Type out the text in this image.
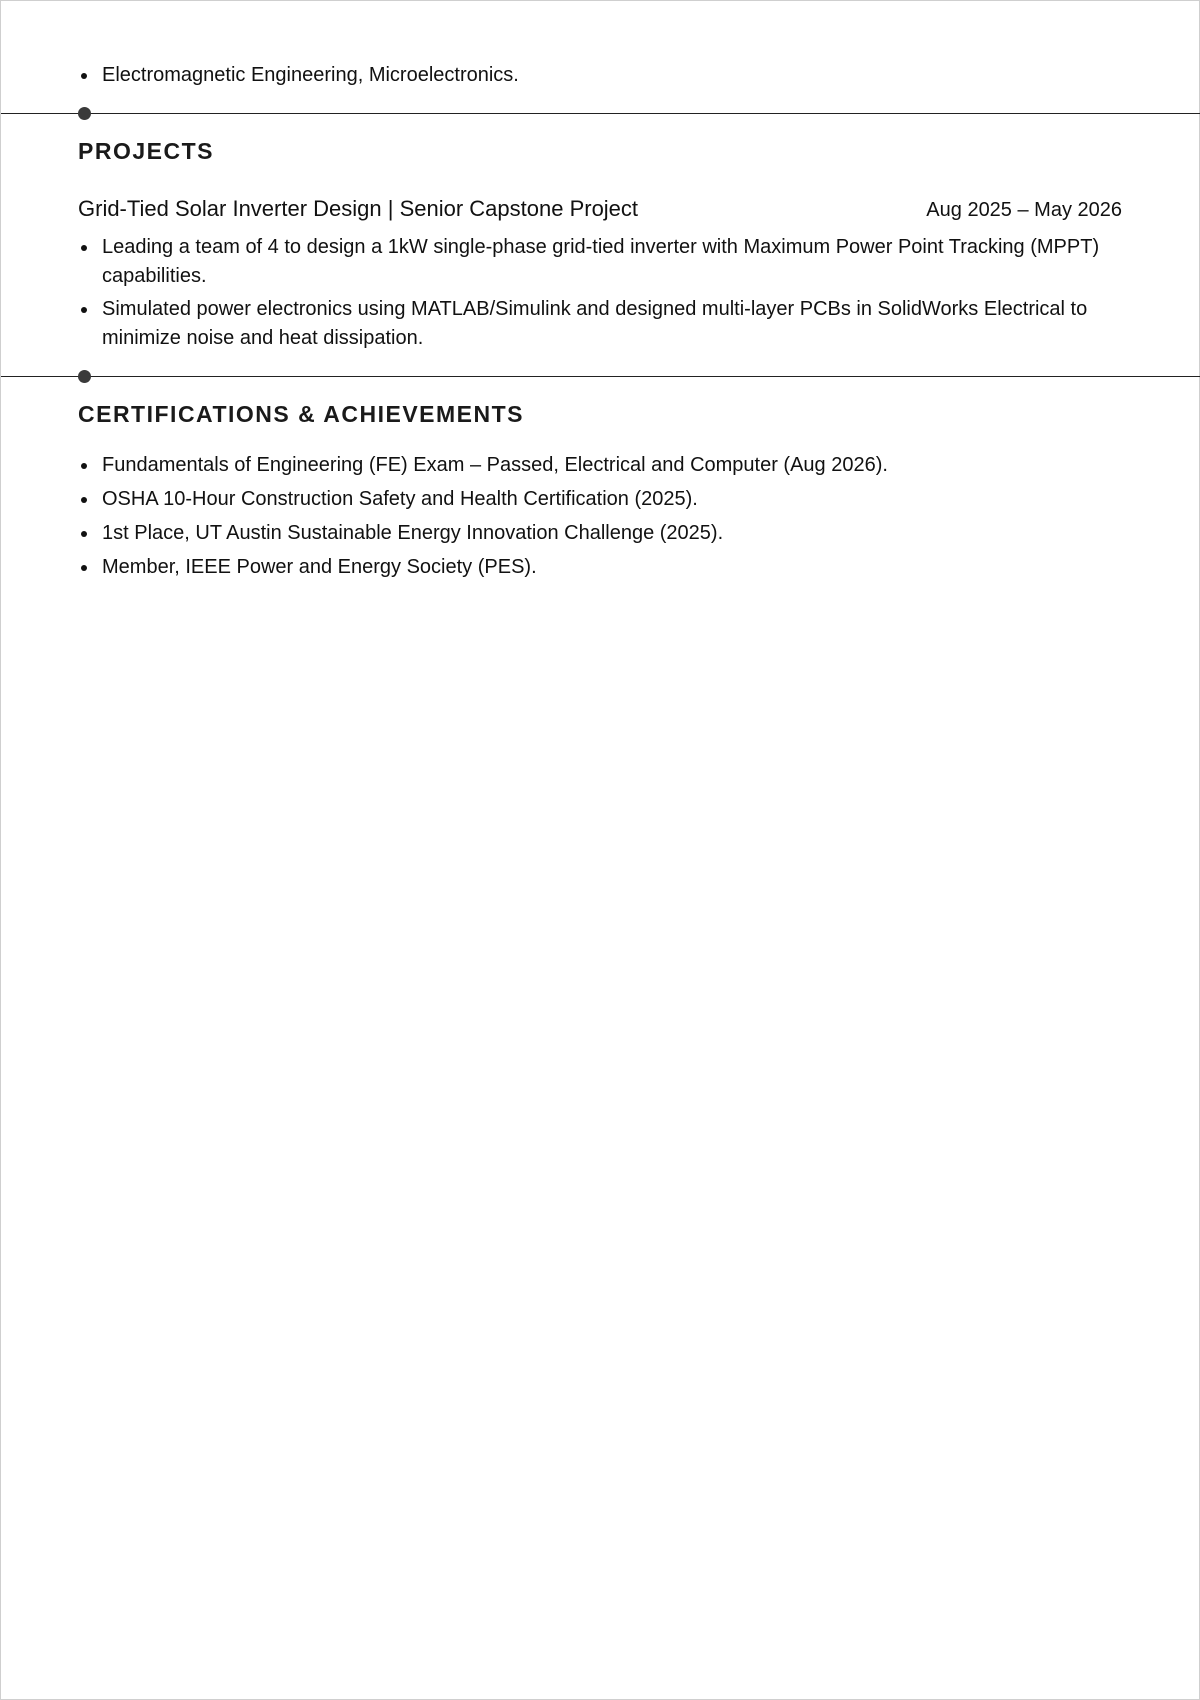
Electromagnetic Engineering, Microelectronics.
PROJECTS
Grid-Tied Solar Inverter Design | Senior Capstone Project	Aug 2025 – May 2026
Leading a team of 4 to design a 1kW single-phase grid-tied inverter with Maximum Power Point Tracking (MPPT) capabilities.
Simulated power electronics using MATLAB/Simulink and designed multi-layer PCBs in SolidWorks Electrical to minimize noise and heat dissipation.
CERTIFICATIONS & ACHIEVEMENTS
Fundamentals of Engineering (FE) Exam – Passed, Electrical and Computer (Aug 2026).
OSHA 10-Hour Construction Safety and Health Certification (2025).
1st Place, UT Austin Sustainable Energy Innovation Challenge (2025).
Member, IEEE Power and Energy Society (PES).
